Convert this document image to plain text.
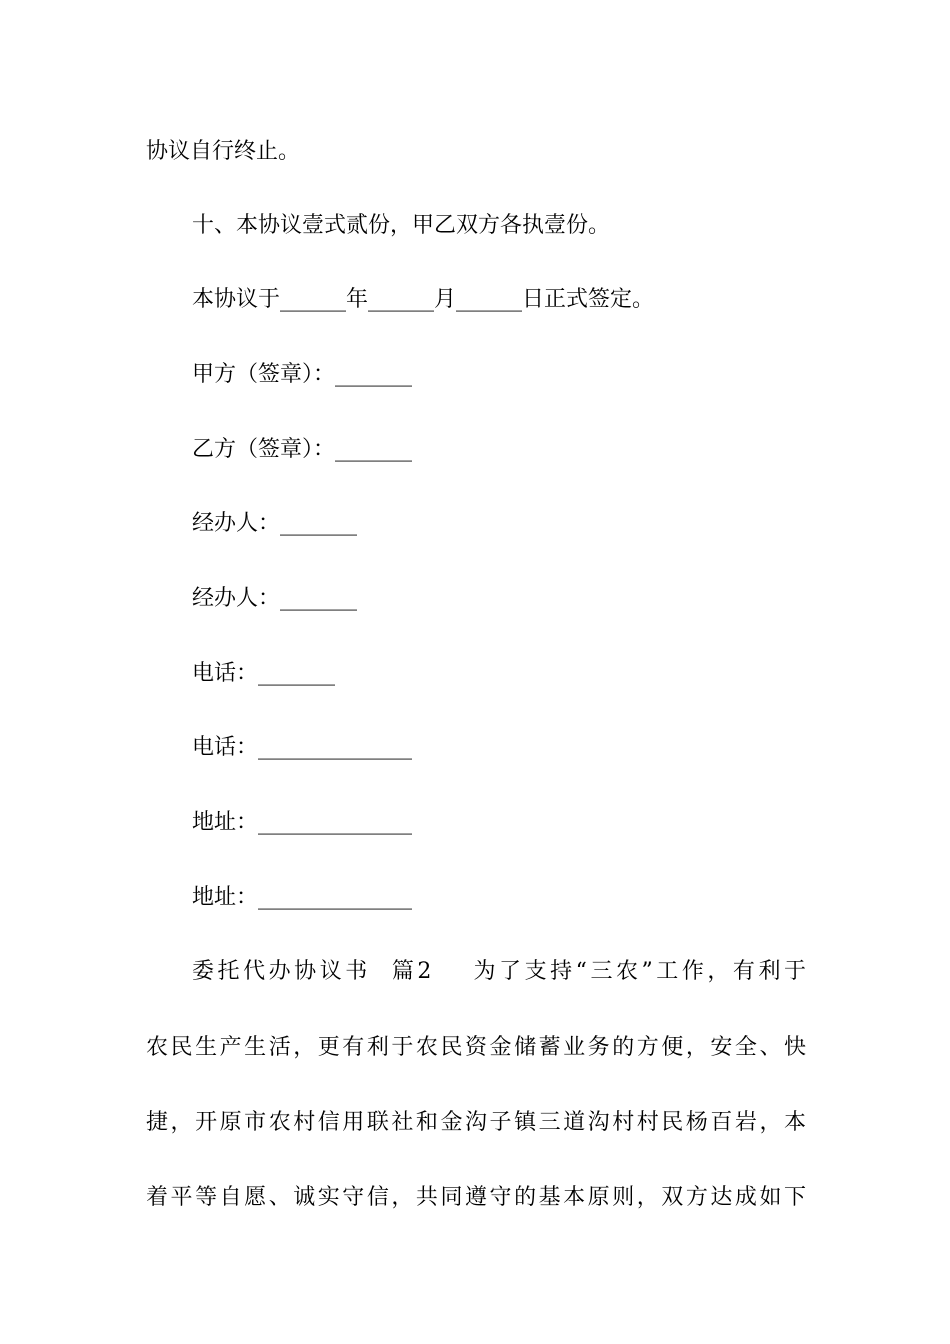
协议自行终止。

十、本协议壹式贰份，甲乙双方各执壹份。

本协议于______年______月______日正式签定。

甲方（签章）：_______

乙方（签章）：_______

经办人：_______

经办人：_______

电话：_______

电话：______________

地址：______________

地址：______________

委托代办协议书  篇2    为了支持“三农”工作，有利于

农民生产生活，更有利于农民资金储蓄业务的方便，安全、快

捷，开原市农村信用联社和金沟子镇三道沟村村民杨百岩，本

着平等自愿、诚实守信，共同遵守的基本原则，双方达成如下
